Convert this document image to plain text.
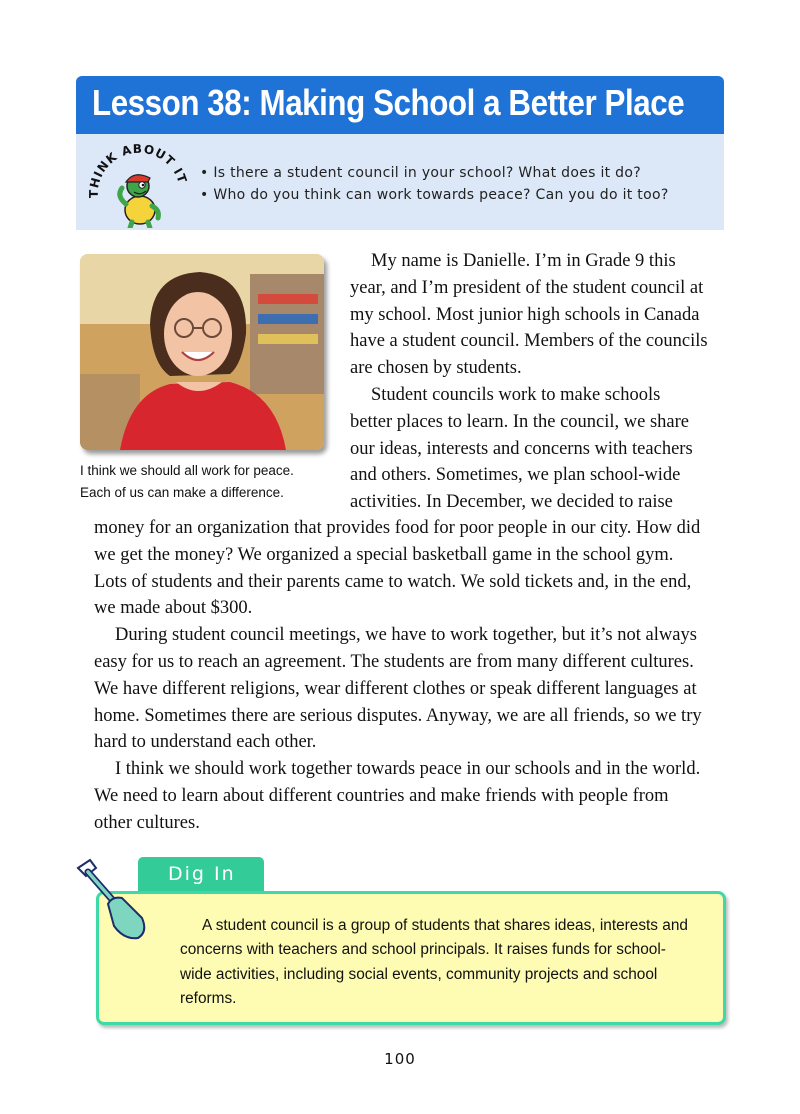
Lesson 38: Making School a Better Place
THINK ABOUT IT
•	Is there a student council in your school? What does it do?
• Who do you think can work towards peace? Can you do it too?

I think we should all work for peace.

Each of us can make a difference.

My name is Danielle. I’m in Grade 9 this

year, and I’m president of the student council at

my school. Most junior high schools in Canada

have a student council. Members of the councils

are chosen by students.

Student councils work to make schools

better places to learn. In the council, we share

our ideas, interests and concerns with teachers

and others. Sometimes, we plan school-wide

activities. In December, we decided to raise

money for an organization that provides food for poor people in our city. How did

we get the money? We organized a special basketball game in the school gym.

Lots of students and their parents came to watch. We sold tickets and, in the end,

we made about $300.

During student council meetings, we have to work together, but it’s not always

easy for us to reach an agreement. The students are from many different cultures.

We have different religions, wear different clothes or speak different languages at

home. Sometimes there are serious disputes. Anyway, we are all friends, so we try

hard to understand each other.

I think we should work together towards peace in our schools and in the world.

We need to learn about different countries and make friends with people from

other cultures.

Dig In

A student council is a group of students that shares ideas, interests and

concerns with teachers and school principals. It raises funds for school-

wide activities, including social events, community projects and school

reforms.

100
